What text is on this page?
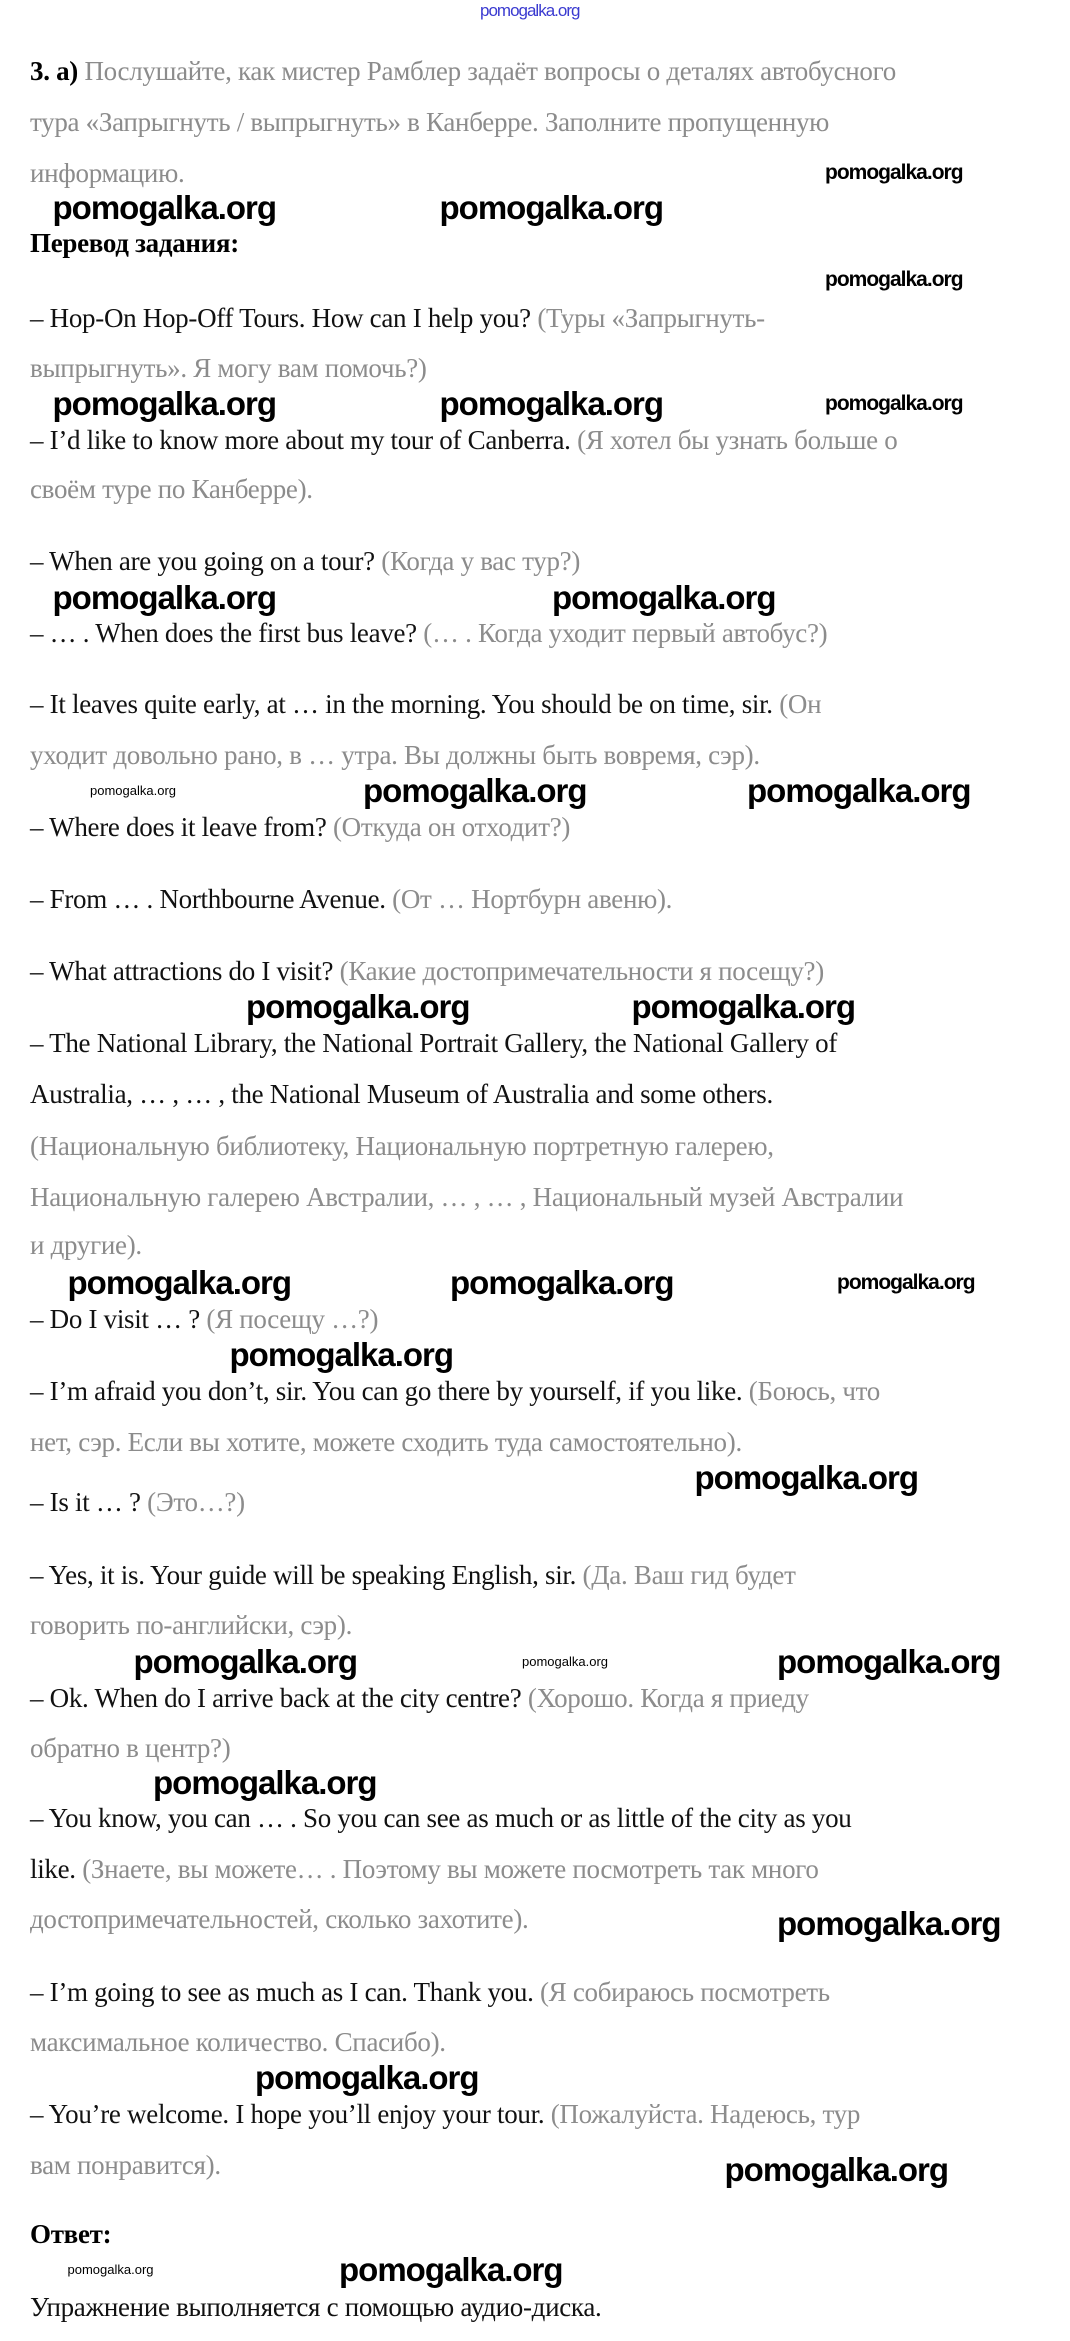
pomogalka.org
3. а) Послушайте, как мистер Рамблер задаёт вопросы о деталях автобусного
тура «Запрыгнуть / выпрыгнуть» в Канберре. Заполните пропущенную
информацию.
Перевод задания:
– Hop-On Hop-Off Tours. How can I help you? (Туры «Запрыгнуть-
выпрыгнуть». Я могу вам помочь?)
– I’d like to know more about my tour of Canberra. (Я хотел бы узнать больше о
своём туре по Канберре).
– When are you going on a tour? (Когда у вас тур?)
– … . When does the first bus leave? (… . Когда уходит первый автобус?)
– It leaves quite early, at … in the morning. You should be on time, sir. (Он
уходит довольно рано, в … утра. Вы должны быть вовремя, сэр).
– Where does it leave from? (Откуда он отходит?)
– From … . Northbourne Avenue. (От … Нортбурн авеню).
– What attractions do I visit? (Какие достопримечательности я посещу?)
– The National Library, the National Portrait Gallery, the National Gallery of
Australia, … , … , the National Museum of Australia and some others.
(Национальную библиотеку, Национальную портретную галерею,
Национальную галерею Австралии, … , … , Национальный музей Австралии
и другие).
– Do I visit … ? (Я посещу …?)
– I’m afraid you don’t, sir. You can go there by yourself, if you like. (Боюсь, что
нет, сэр. Если вы хотите, можете сходить туда самостоятельно).
– Is it … ? (Это…?)
– Yes, it is. Your guide will be speaking English, sir. (Да. Ваш гид будет
говорить по-английски, сэр).
– Ok. When do I arrive back at the city centre? (Хорошо. Когда я приеду
обратно в центр?)
– You know, you can … . So you can see as much or as little of the city as you
like. (Знаете, вы можете… . Поэтому вы можете посмотреть так много
достопримечательностей, сколько захотите).
– I’m going to see as much as I can. Thank you. (Я собираюсь посмотреть
максимальное количество. Спасибо).
– You’re welcome. I hope you’ll enjoy your tour. (Пожалуйста. Надеюсь, тур
вам понравится).
Ответ:
Упражнение выполняется с помощью аудио-диска.
pomogalka.org
pomogalka.org	pomogalka.org
pomogalka.org
pomogalka.org	pomogalka.org	pomogalka.org
pomogalka.org	pomogalka.org
pomogalka.org	pomogalka.org	pomogalka.org
pomogalka.org	pomogalka.org
pomogalka.org	pomogalka.org	pomogalka.org
pomogalka.org
pomogalka.org
pomogalka.org	pomogalka.org	pomogalka.org
pomogalka.org
pomogalka.org
pomogalka.org
pomogalka.org
pomogalka.org	pomogalka.org
